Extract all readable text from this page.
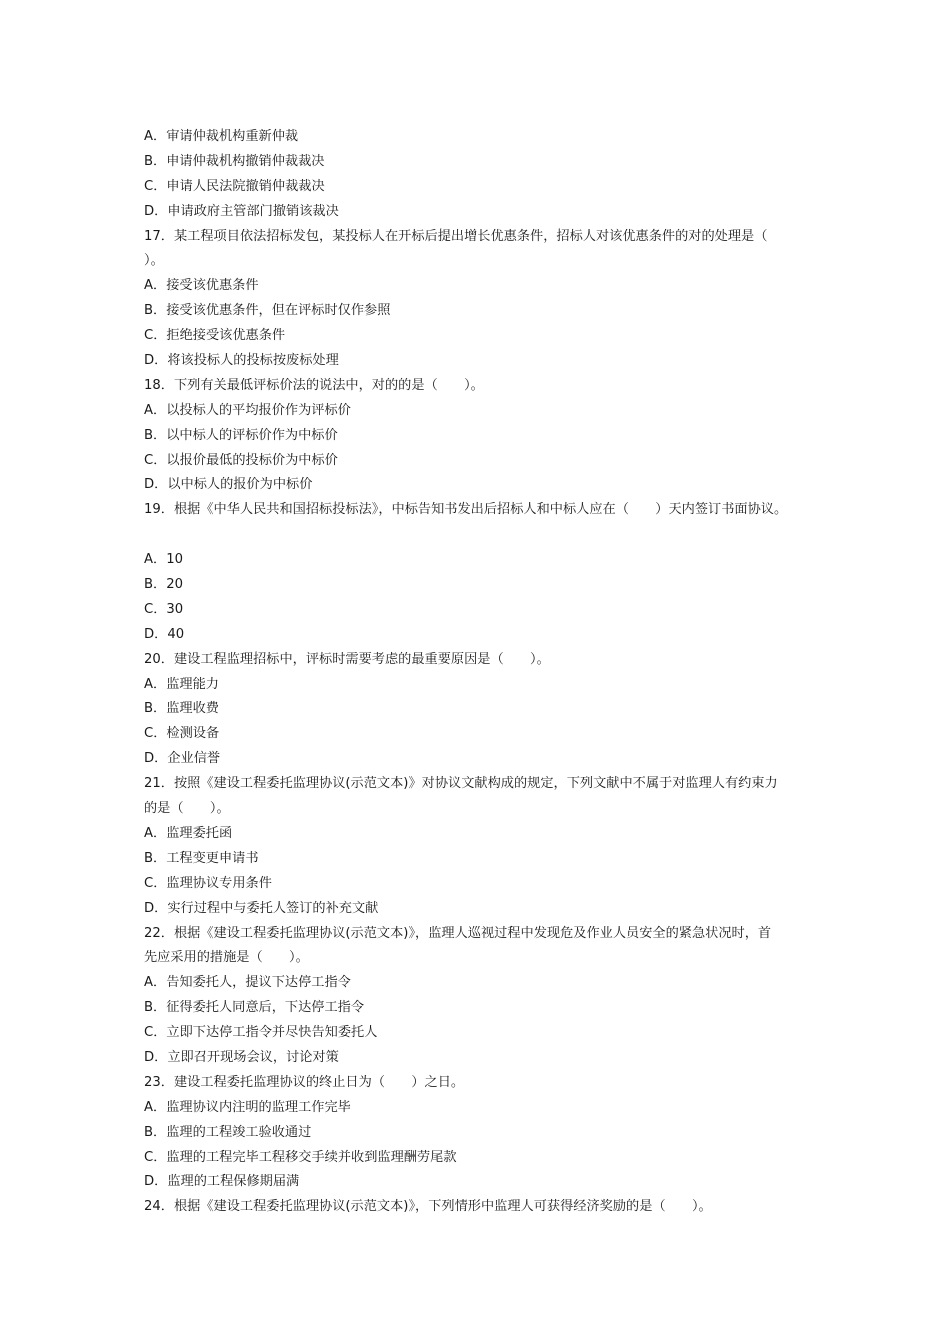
A．审请仲裁机构重新仲裁
B．申请仲裁机构撤销仲裁裁决
C．申请人民法院撤销仲裁裁决
D．申请政府主管部门撤销该裁决
17．某工程项目依法招标发包，某投标人在开标后提出增长优惠条件，招标人对该优惠条件的对的处理是（
）。
A．接受该优惠条件
B．接受该优惠条件，但在评标时仅作参照
C．拒绝接受该优惠条件
D．将该投标人的投标按废标处理
18．下列有关最低评标价法的说法中，对的的是（　　）。
A．以投标人的平均报价作为评标价
B．以中标人的评标价作为中标价
C．以报价最低的投标价为中标价
D．以中标人的报价为中标价
19．根据《中华人民共和国招标投标法》，中标告知书发出后招标人和中标人应在（　　）天内签订书面协议。
A．10
B．20
C．30
D．40
20．建设工程监理招标中，评标时需要考虑的最重要原因是（　　）。
A．监理能力
B．监理收费
C．检测设备
D．企业信誉
21．按照《建设工程委托监理协议(示范文本)》对协议文献构成的规定，下列文献中不属于对监理人有约束力
的是（　　）。
A．监理委托函
B．工程变更申请书
C．监理协议专用条件
D．实行过程中与委托人签订的补充文献
22．根据《建设工程委托监理协议(示范文本)》，监理人巡视过程中发现危及作业人员安全的紧急状况时，首
先应采用的措施是（　　）。
A．告知委托人，提议下达停工指令
B．征得委托人同意后，下达停工指令
C．立即下达停工指令并尽快告知委托人
D．立即召开现场会议，讨论对策
23．建设工程委托监理协议的终止日为（　　）之日。
A．监理协议内注明的监理工作完毕
B．监理的工程竣工验收通过
C．监理的工程完毕工程移交手续并收到监理酬劳尾款
D．监理的工程保修期届满
24．根据《建设工程委托监理协议(示范文本)》，下列情形中监理人可获得经济奖励的是（　　）。
